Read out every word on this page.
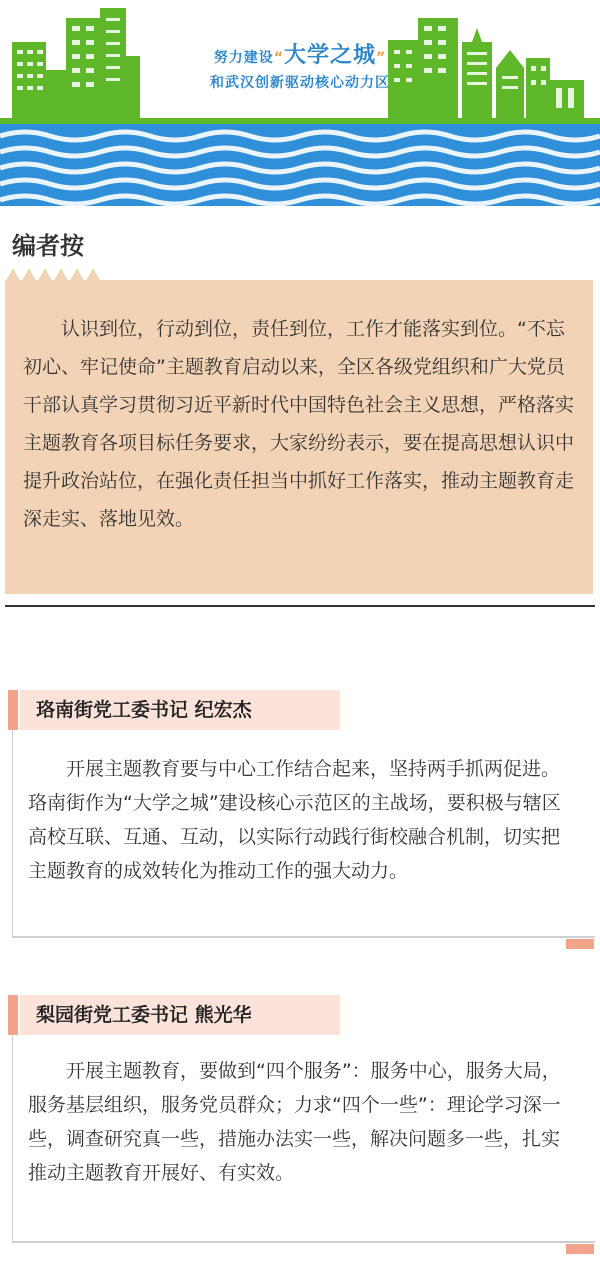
努力建设“大学之城”
和武汉创新驱动核心动力区
编者按
认识到位，行动到位，责任到位，工作才能落实到位。“不忘初心、牢记使命”主题教育启动以来，全区各级党组织和广大党员干部认真学习贯彻习近平新时代中国特色社会主义思想，严格落实主题教育各项目标任务要求，大家纷纷表示，要在提高思想认识中提升政治站位，在强化责任担当中抓好工作落实，推动主题教育走深走实、落地见效。
珞南街党工委书记 纪宏杰
开展主题教育要与中心工作结合起来，坚持两手抓两促进。珞南街作为“大学之城”建设核心示范区的主战场，要积极与辖区高校互联、互通、互动，以实际行动践行街校融合机制，切实把主题教育的成效转化为推动工作的强大动力。
梨园街党工委书记 熊光华
开展主题教育，要做到“四个服务”：服务中心，服务大局，服务基层组织，服务党员群众；力求“四个一些”：理论学习深一些，调查研究真一些，措施办法实一些，解决问题多一些，扎实推动主题教育开展好、有实效。
